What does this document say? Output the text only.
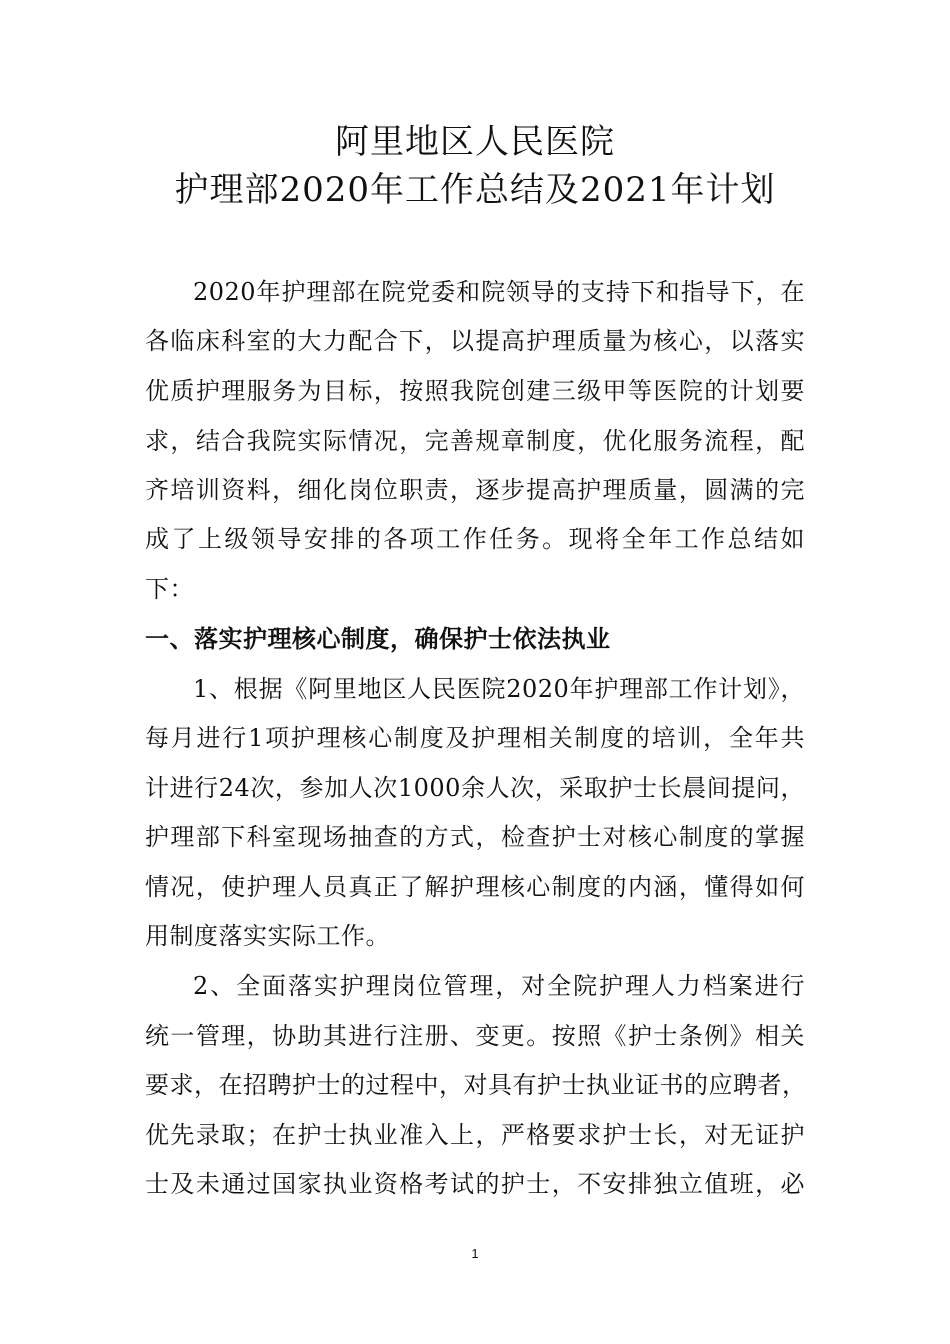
阿里地区人民医院
护理部2020年工作总结及2021年计划
2020年护理部在院党委和院领导的支持下和指导下，在
各临床科室的大力配合下，以提高护理质量为核心，以落实
优质护理服务为目标，按照我院创建三级甲等医院的计划要
求，结合我院实际情况，完善规章制度，优化服务流程，配
齐培训资料，细化岗位职责，逐步提高护理质量，圆满的完
成了上级领导安排的各项工作任务。现将全年工作总结如
下：
一、落实护理核心制度，确保护士依法执业
1、根据《阿里地区人民医院2020年护理部工作计划》，
每月进行1项护理核心制度及护理相关制度的培训，全年共
计进行24次，参加人次1000余人次，采取护士长晨间提问，
护理部下科室现场抽查的方式，检查护士对核心制度的掌握
情况，使护理人员真正了解护理核心制度的内涵，懂得如何
用制度落实实际工作。
2、全面落实护理岗位管理，对全院护理人力档案进行
统一管理，协助其进行注册、变更。按照《护士条例》相关
要求，在招聘护士的过程中，对具有护士执业证书的应聘者，
优先录取；在护士执业准入上，严格要求护士长，对无证护
士及未通过国家执业资格考试的护士，不安排独立值班，必
1
